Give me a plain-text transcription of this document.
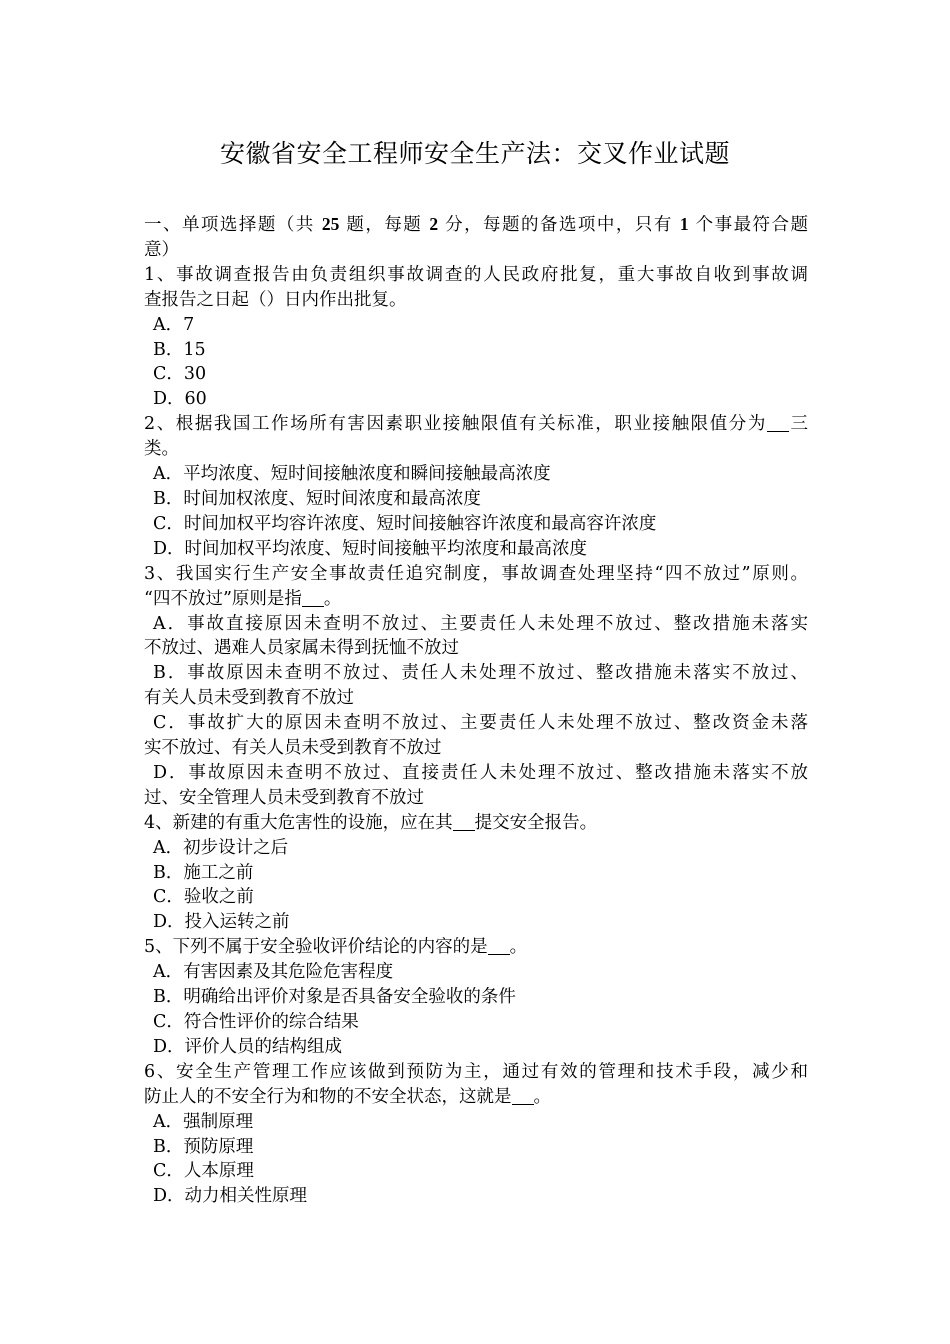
安徽省安全工程师安全生产法：交叉作业试题
一、单项选择题（共 25 题，每题 2 分，每题的备选项中，只有 1 个事最符合题
意）
1、事故调查报告由负责组织事故调查的人民政府批复，重大事故自收到事故调
查报告之日起（）日内作出批复。
A．7
B．15
C．30
D．60
2、根据我国工作场所有害因素职业接触限值有关标准，职业接触限值分为 三
类。
A．平均浓度、短时间接触浓度和瞬间接触最高浓度
B．时间加权浓度、短时间浓度和最高浓度
C．时间加权平均容许浓度、短时间接触容许浓度和最高容许浓度
D．时间加权平均浓度、短时间接触平均浓度和最高浓度
3、我国实行生产安全事故责任追究制度，事故调查处理坚持“四不放过”原则。
“四不放过”原则是指 。
A．事故直接原因未查明不放过、主要责任人未处理不放过、整改措施未落实
不放过、遇难人员家属未得到抚恤不放过
B．事故原因未查明不放过、责任人未处理不放过、整改措施未落实不放过、
有关人员未受到教育不放过
C．事故扩大的原因未查明不放过、主要责任人未处理不放过、整改资金未落
实不放过、有关人员未受到教育不放过
D．事故原因未查明不放过、直接责任人未处理不放过、整改措施未落实不放
过、安全管理人员未受到教育不放过
4、新建的有重大危害性的设施，应在其 提交安全报告。
A．初步设计之后
B．施工之前
C．验收之前
D．投入运转之前
5、下列不属于安全验收评价结论的内容的是 。
A．有害因素及其危险危害程度
B．明确给出评价对象是否具备安全验收的条件
C．符合性评价的综合结果
D．评价人员的结构组成
6、安全生产管理工作应该做到预防为主，通过有效的管理和技术手段，减少和
防止人的不安全行为和物的不安全状态，这就是 。
A．强制原理
B．预防原理
C．人本原理
D．动力相关性原理
